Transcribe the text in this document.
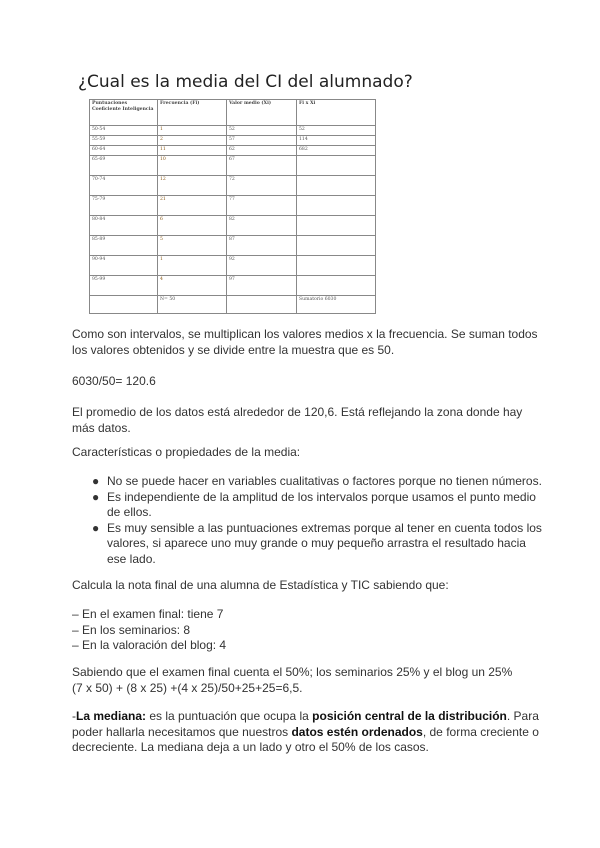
¿Cual es la media del CI del alumnado?
Puntuaciones Coeficiente Inteligencia	Frecuencia (Fi)	Valor medio (Xi)	Fi x Xi
50-54	1	52	52
55-59	2	57	114
60-64	11	62	682
65-69	10	67	
70-74	12	72	
75-79	21	77	
80-84	6	82	
85-89	5	87	
90-94	1	92	
95-99	4	97	
	N= 50		Sumatorio 6030

Como son intervalos, se multiplican los valores medios x la frecuencia. Se suman todos los valores obtenidos y se divide entre la muestra que es 50.

6030/50= 120.6

El promedio de los datos está alrededor de 120,6. Está reflejando la zona donde hay más datos.

Características o propiedades de la media:

● No se puede hacer en variables cualitativas o factores porque no tienen números.
● Es independiente de la amplitud de los intervalos porque usamos el punto medio de ellos.
● Es muy sensible a las puntuaciones extremas porque al tener en cuenta todos los valores, si aparece uno muy grande o muy pequeño arrastra el resultado hacia ese lado.

Calcula la nota final de una alumna de Estadística y TIC sabiendo que:

– En el examen final: tiene 7

– En los seminarios: 8

– En la valoración del blog: 4

Sabiendo que el examen final cuenta el 50%; los seminarios 25% y el blog un 25%

(7 x 50) + (8 x 25) +(4 x 25)/50+25+25=6,5.

-La mediana: es la puntuación que ocupa la posición central de la distribución. Para poder hallarla necesitamos que nuestros datos estén ordenados, de forma creciente o decreciente. La mediana deja a un lado y otro el 50% de los casos.
